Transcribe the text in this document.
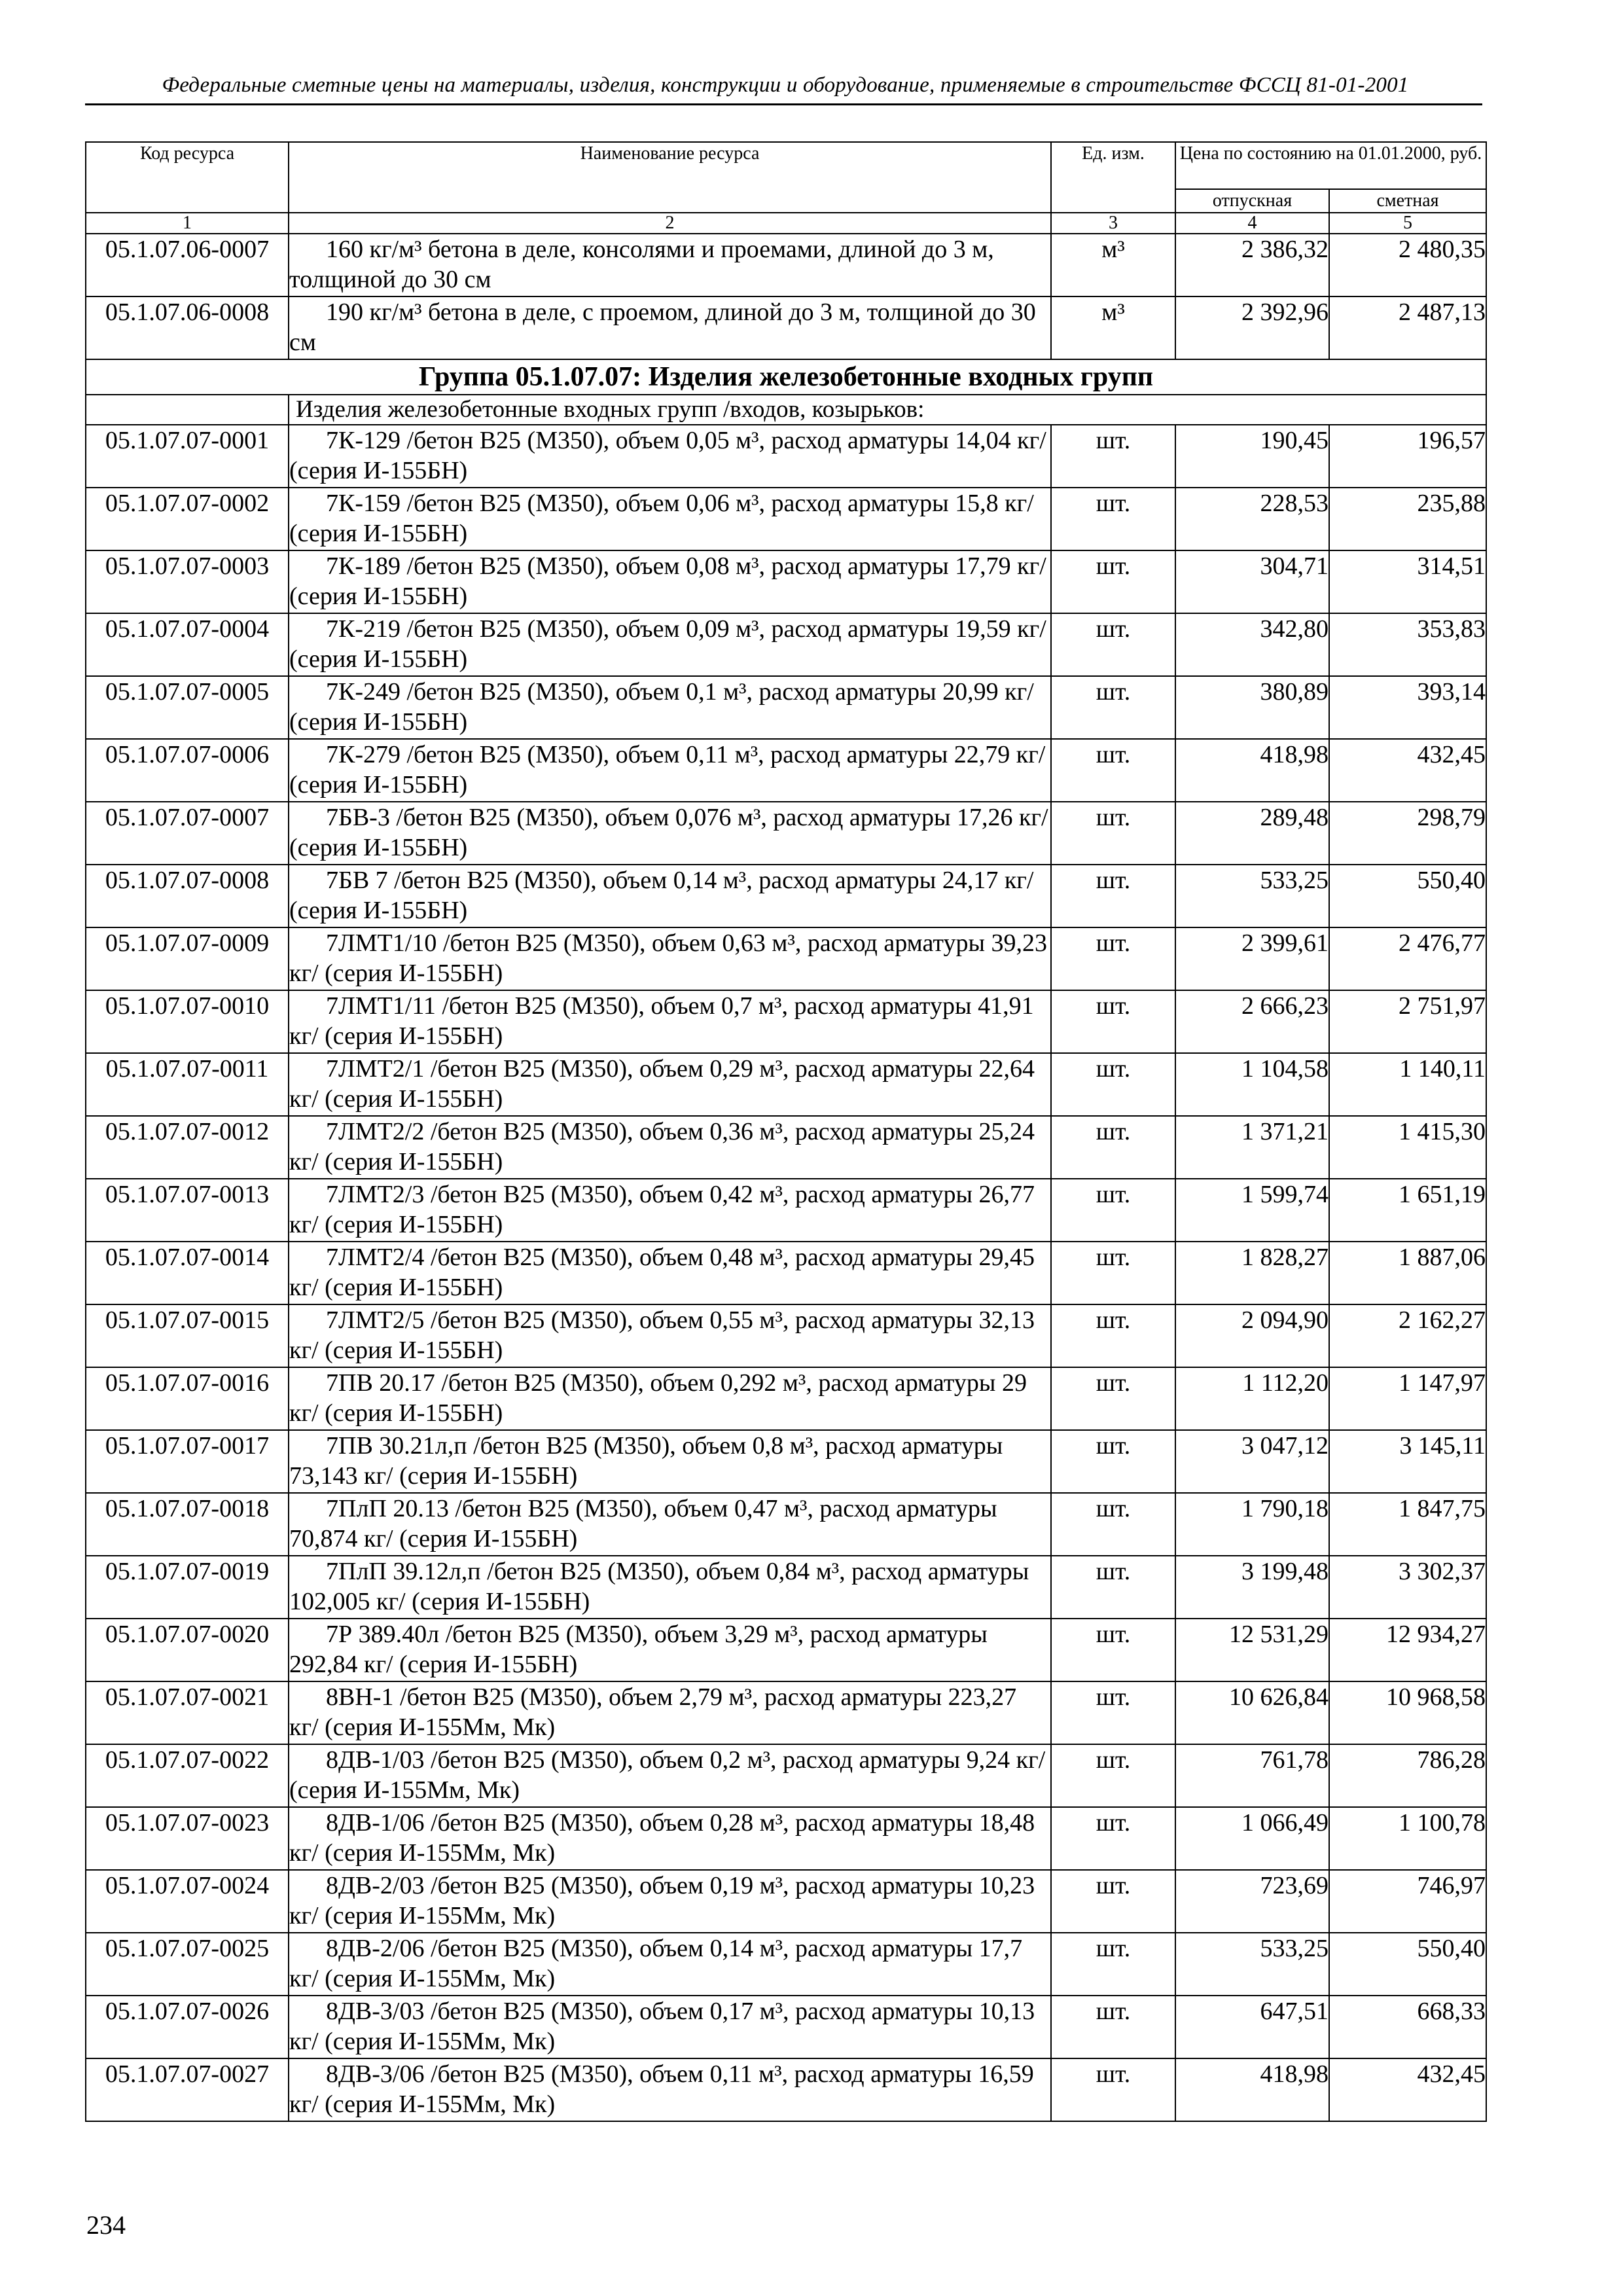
Федеральные сметные цены на материалы, изделия, конструкции и оборудование, применяемые в строительстве ФССЦ 81-01-2001
Код ресурса	Наименование ресурса	Ед. изм.	Цена по состоянию на 01.01.2000, руб.	
			отпускная	сметная
1	2	3	4	5
05.1.07.06-0007	160 кг/м³ бетона в деле, консолями и проемами, длиной до 3 м, толщиной до 30 см	м³	2 386,32	2 480,35
05.1.07.06-0008	190 кг/м³ бетона в деле, с проемом, длиной до 3 м, толщиной до 30 см	м³	2 392,96	2 487,13
Группа 05.1.07.07: Изделия железобетонные входных групп				
	Изделия железобетонные входных групп /входов, козырьков:			
05.1.07.07-0001	7К-129 /бетон В25 (М350), объем 0,05 м³, расход арматуры 14,04 кг/ (серия И-155БН)	шт.	190,45	196,57
05.1.07.07-0002	7К-159 /бетон В25 (М350), объем 0,06 м³, расход арматуры 15,8 кг/ (серия И-155БН)	шт.	228,53	235,88
05.1.07.07-0003	7К-189 /бетон В25 (М350), объем 0,08 м³, расход арматуры 17,79 кг/ (серия И-155БН)	шт.	304,71	314,51
05.1.07.07-0004	7К-219 /бетон В25 (М350), объем 0,09 м³, расход арматуры 19,59 кг/ (серия И-155БН)	шт.	342,80	353,83
05.1.07.07-0005	7К-249 /бетон В25 (М350), объем 0,1 м³, расход арматуры 20,99 кг/ (серия И-155БН)	шт.	380,89	393,14
05.1.07.07-0006	7К-279 /бетон В25 (М350), объем 0,11 м³, расход арматуры 22,79 кг/ (серия И-155БН)	шт.	418,98	432,45
05.1.07.07-0007	7БВ-3 /бетон В25 (М350), объем 0,076 м³, расход арматуры 17,26 кг/ (серия И-155БН)	шт.	289,48	298,79
05.1.07.07-0008	7БВ 7 /бетон В25 (М350), объем 0,14 м³, расход арматуры 24,17 кг/ (серия И-155БН)	шт.	533,25	550,40
05.1.07.07-0009	7ЛМТ1/10 /бетон В25 (М350), объем 0,63 м³, расход арматуры 39,23 кг/ (серия И-155БН)	шт.	2 399,61	2 476,77
05.1.07.07-0010	7ЛМТ1/11 /бетон В25 (М350), объем 0,7 м³, расход арматуры 41,91 кг/ (серия И-155БН)	шт.	2 666,23	2 751,97
05.1.07.07-0011	7ЛМТ2/1 /бетон В25 (М350), объем 0,29 м³, расход арматуры 22,64 кг/ (серия И-155БН)	шт.	1 104,58	1 140,11
05.1.07.07-0012	7ЛМТ2/2 /бетон В25 (М350), объем 0,36 м³, расход арматуры 25,24 кг/ (серия И-155БН)	шт.	1 371,21	1 415,30
05.1.07.07-0013	7ЛМТ2/3 /бетон В25 (М350), объем 0,42 м³, расход арматуры 26,77 кг/ (серия И-155БН)	шт.	1 599,74	1 651,19
05.1.07.07-0014	7ЛМТ2/4 /бетон В25 (М350), объем 0,48 м³, расход арматуры 29,45 кг/ (серия И-155БН)	шт.	1 828,27	1 887,06
05.1.07.07-0015	7ЛМТ2/5 /бетон В25 (М350), объем 0,55 м³, расход арматуры 32,13 кг/ (серия И-155БН)	шт.	2 094,90	2 162,27
05.1.07.07-0016	7ПВ 20.17 /бетон В25 (М350), объем 0,292 м³, расход арматуры 29 кг/ (серия И-155БН)	шт.	1 112,20	1 147,97
05.1.07.07-0017	7ПВ 30.21л,п /бетон В25 (М350), объем 0,8 м³, расход арматуры 73,143 кг/ (серия И-155БН)	шт.	3 047,12	3 145,11
05.1.07.07-0018	7ПлП 20.13 /бетон В25 (М350), объем 0,47 м³, расход арматуры 70,874 кг/ (серия И-155БН)	шт.	1 790,18	1 847,75
05.1.07.07-0019	7ПлП 39.12л,п /бетон В25 (М350), объем 0,84 м³, расход арматуры 102,005 кг/ (серия И-155БН)	шт.	3 199,48	3 302,37
05.1.07.07-0020	7Р 389.40л /бетон В25 (М350), объем 3,29 м³, расход арматуры 292,84 кг/ (серия И-155БН)	шт.	12 531,29	12 934,27
05.1.07.07-0021	8ВН-1 /бетон В25 (М350), объем 2,79 м³, расход арматуры 223,27 кг/ (серия И-155Мм, Мк)	шт.	10 626,84	10 968,58
05.1.07.07-0022	8ДВ-1/03 /бетон В25 (М350), объем 0,2 м³, расход арматуры 9,24 кг/ (серия И-155Мм, Мк)	шт.	761,78	786,28
05.1.07.07-0023	8ДВ-1/06 /бетон В25 (М350), объем 0,28 м³, расход арматуры 18,48 кг/ (серия И-155Мм, Мк)	шт.	1 066,49	1 100,78
05.1.07.07-0024	8ДВ-2/03 /бетон В25 (М350), объем 0,19 м³, расход арматуры 10,23 кг/ (серия И-155Мм, Мк)	шт.	723,69	746,97
05.1.07.07-0025	8ДВ-2/06 /бетон В25 (М350), объем 0,14 м³, расход арматуры 17,7 кг/ (серия И-155Мм, Мк)	шт.	533,25	550,40
05.1.07.07-0026	8ДВ-3/03 /бетон В25 (М350), объем 0,17 м³, расход арматуры 10,13 кг/ (серия И-155Мм, Мк)	шт.	647,51	668,33
05.1.07.07-0027	8ДВ-3/06 /бетон В25 (М350), объем 0,11 м³, расход арматуры 16,59 кг/ (серия И-155Мм, Мк)	шт.	418,98	432,45
234
